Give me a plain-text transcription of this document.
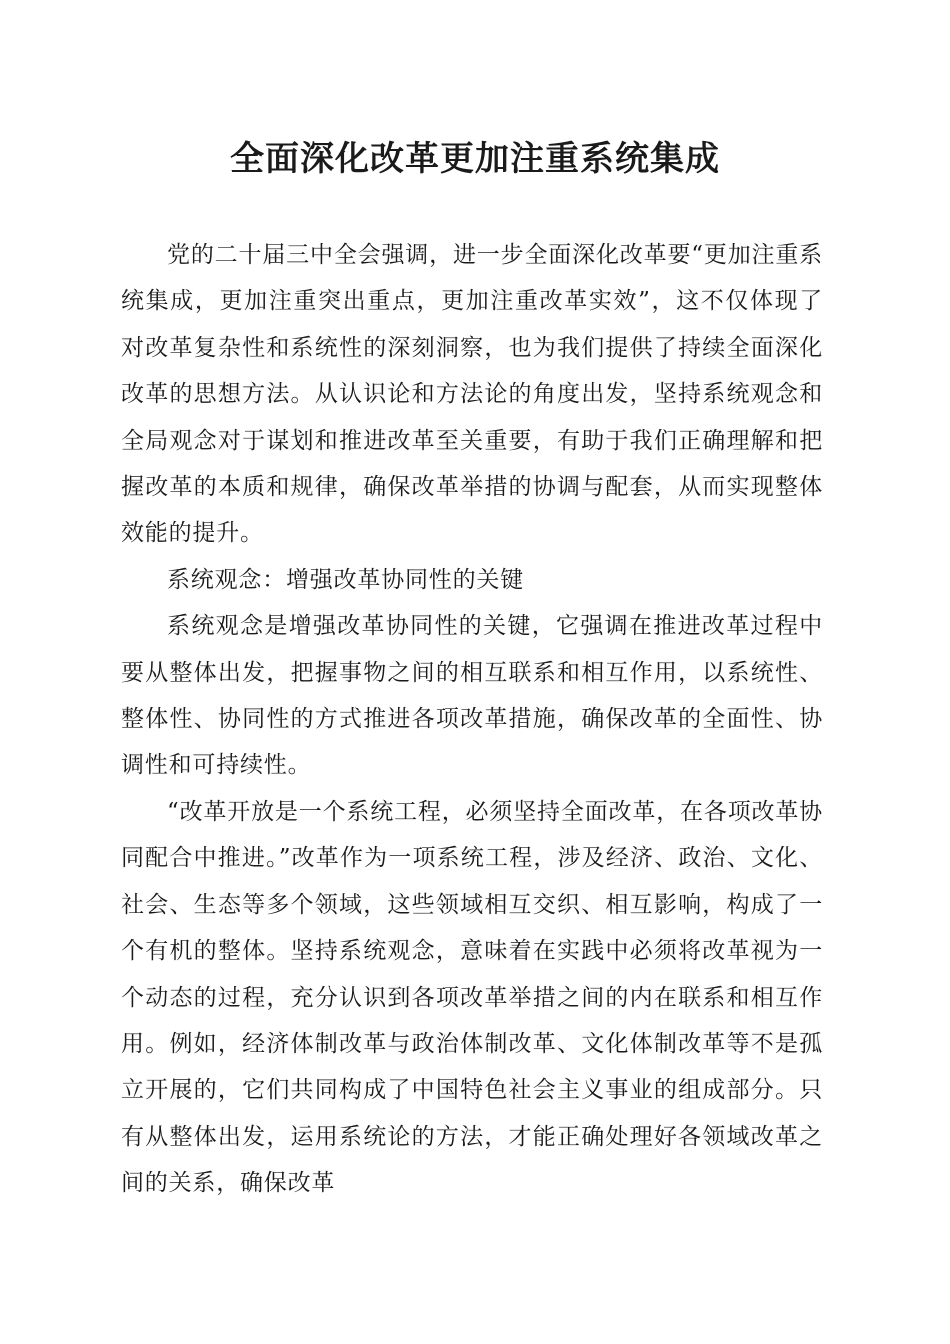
全面深化改革更加注重系统集成

党的二十届三中全会强调，进一步全面深化改革要“更加注重系统集成，更加注重突出重点，更加注重改革实效”，这不仅体现了对改革复杂性和系统性的深刻洞察，也为我们提供了持续全面深化改革的思想方法。从认识论和方法论的角度出发，坚持系统观念和全局观念对于谋划和推进改革至关重要，有助于我们正确理解和把握改革的本质和规律，确保改革举措的协调与配套，从而实现整体效能的提升。

系统观念：增强改革协同性的关键

系统观念是增强改革协同性的关键，它强调在推进改革过程中要从整体出发，把握事物之间的相互联系和相互作用，以系统性、整体性、协同性的方式推进各项改革措施，确保改革的全面性、协调性和可持续性。

“改革开放是一个系统工程，必须坚持全面改革，在各项改革协同配合中推进。”改革作为一项系统工程，涉及经济、政治、文化、社会、生态等多个领域，这些领域相互交织、相互影响，构成了一个有机的整体。坚持系统观念，意味着在实践中必须将改革视为一个动态的过程，充分认识到各项改革举措之间的内在联系和相互作用。例如，经济体制改革与政治体制改革、文化体制改革等不是孤立开展的，它们共同构成了中国特色社会主义事业的组成部分。只有从整体出发，运用系统论的方法，才能正确处理好各领域改革之间的关系，确保改革
